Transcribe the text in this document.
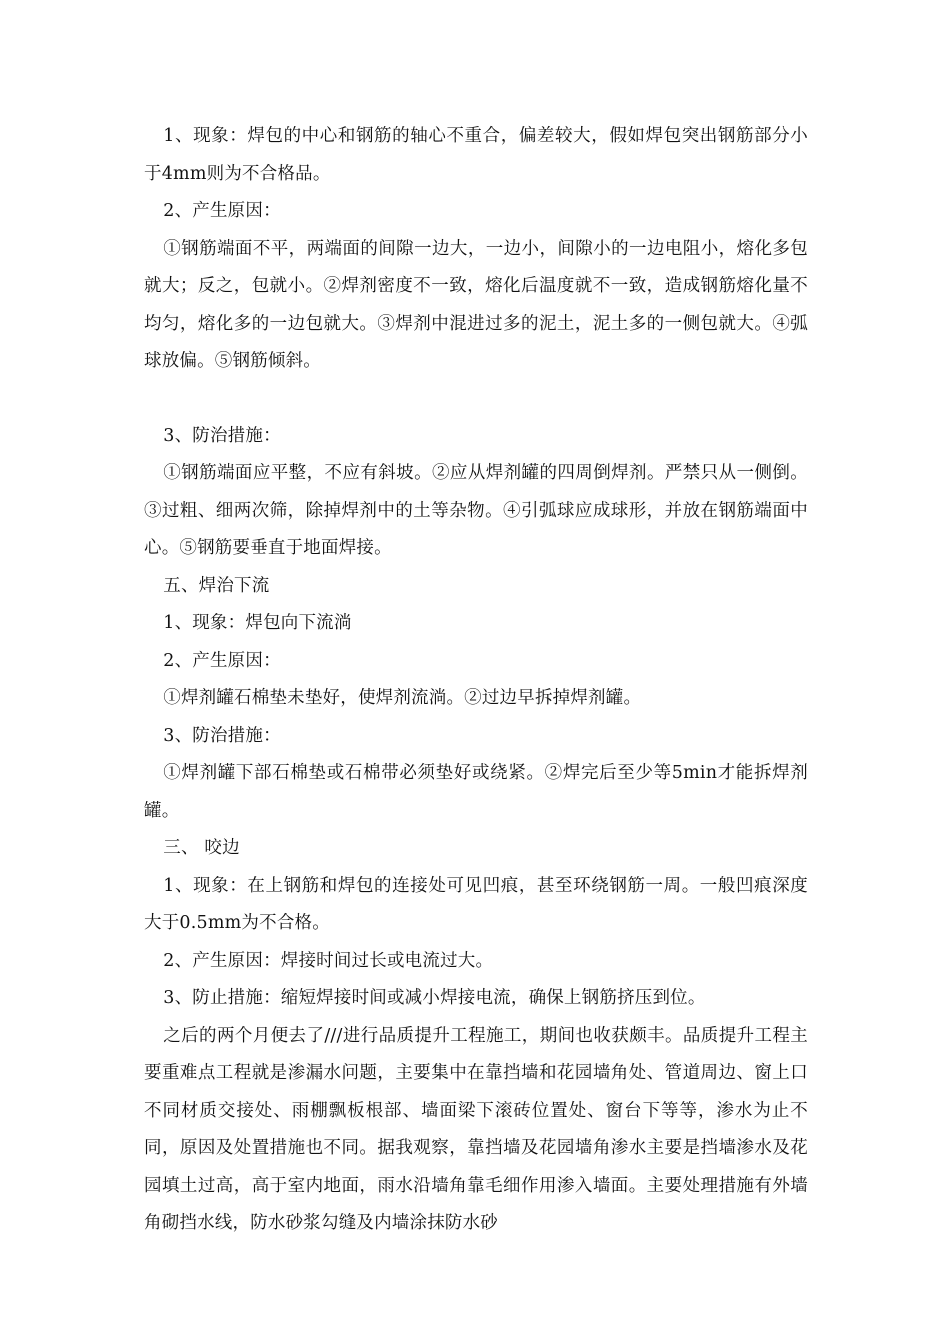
1、现象：焊包的中心和钢筋的轴心不重合，偏差较大，假如焊包突出钢筋部分小于4mm则为不合格品。

2、产生原因：

①钢筋端面不平，两端面的间隙一边大，一边小，间隙小的一边电阻小，熔化多包就大；反之，包就小。②焊剂密度不一致，熔化后温度就不一致，造成钢筋熔化量不均匀，熔化多的一边包就大。③焊剂中混进过多的泥土，泥土多的一侧包就大。④弧球放偏。⑤钢筋倾斜。

3、防治措施：

①钢筋端面应平整，不应有斜坡。②应从焊剂罐的四周倒焊剂。严禁只从一侧倒。③过粗、细两次筛，除掉焊剂中的土等杂物。④引弧球应成球形，并放在钢筋端面中心。⑤钢筋要垂直于地面焊接。

五、焊治下流

1、现象：焊包向下流淌

2、产生原因：

①焊剂罐石棉垫未垫好，使焊剂流淌。②过边早拆掉焊剂罐。

3、防治措施：

①焊剂罐下部石棉垫或石棉带必须垫好或绕紧。②焊完后至少等5min才能拆焊剂罐。

三、 咬边

1、现象：在上钢筋和焊包的连接处可见凹痕，甚至环绕钢筋一周。一般凹痕深度大于0.5mm为不合格。

2、产生原因：焊接时间过长或电流过大。

3、防止措施：缩短焊接时间或减小焊接电流，确保上钢筋挤压到位。

之后的两个月便去了///进行品质提升工程施工，期间也收获颇丰。品质提升工程主要重难点工程就是渗漏水问题，主要集中在靠挡墙和花园墙角处、管道周边、窗上口不同材质交接处、雨棚飘板根部、墙面梁下滚砖位置处、窗台下等等，渗水为止不同，原因及处置措施也不同。据我观察，靠挡墙及花园墙角渗水主要是挡墙渗水及花园填土过高，高于室内地面，雨水沿墙角靠毛细作用渗入墙面。主要处理措施有外墙角砌挡水线，防水砂浆勾缝及内墙涂抹防水砂
